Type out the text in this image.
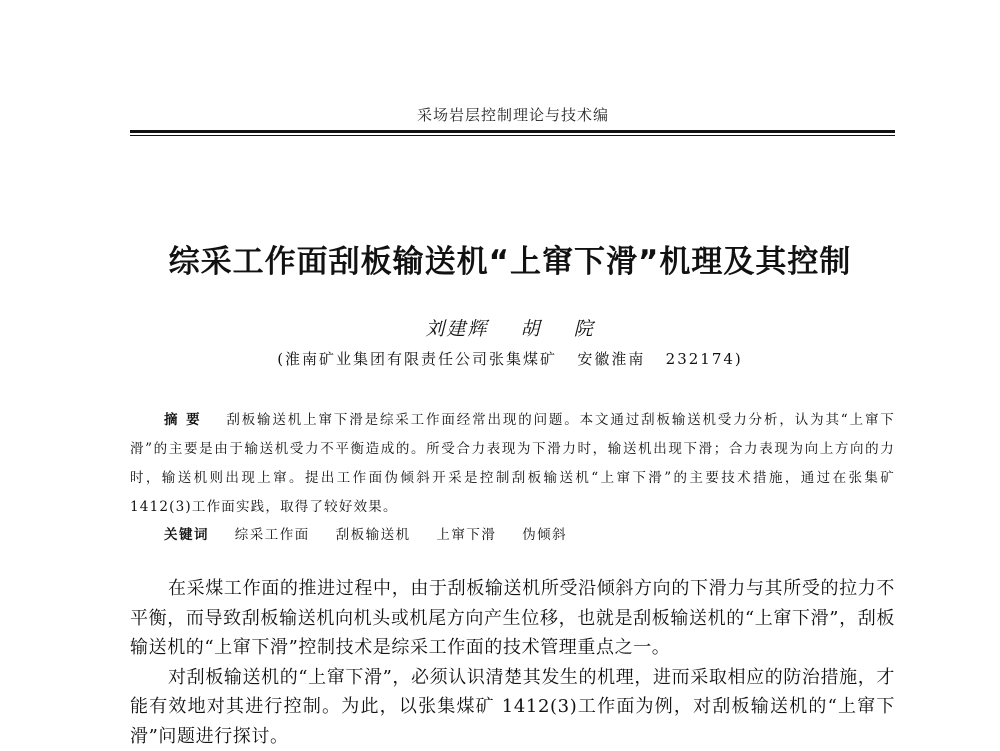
采场岩层控制理论与技术编
综采工作面刮板输送机“上窜下滑”机理及其控制
刘建辉    胡    院
(淮南矿业集团有限责任公司张集煤矿   安徽淮南   232174)
摘要 刮板输送机上窜下滑是综采工作面经常出现的问题。本文通过刮板输送机受力分析，认为其“上窜下滑”的主要是由于输送机受力不平衡造成的。所受合力表现为下滑力时，输送机出现下滑；合力表现为向上方向的力时，输送机则出现上窜。提出工作面伪倾斜开采是控制刮板输送机“上窜下滑”的主要技术措施，通过在张集矿 1412(3)工作面实践，取得了较好效果。
关键词 综采工作面 刮板输送机 上窜下滑 伪倾斜

在采煤工作面的推进过程中，由于刮板输送机所受沿倾斜方向的下滑力与其所受的拉力不平衡，而导致刮板输送机向机头或机尾方向产生位移，也就是刮板输送机的“上窜下滑”，刮板输送机的“上窜下滑”控制技术是综采工作面的技术管理重点之一。

对刮板输送机的“上窜下滑”，必须认识清楚其发生的机理，进而采取相应的防治措施，才能有效地对其进行控制。为此，以张集煤矿 1412(3)工作面为例，对刮板输送机的“上窜下滑”问题进行探讨。
